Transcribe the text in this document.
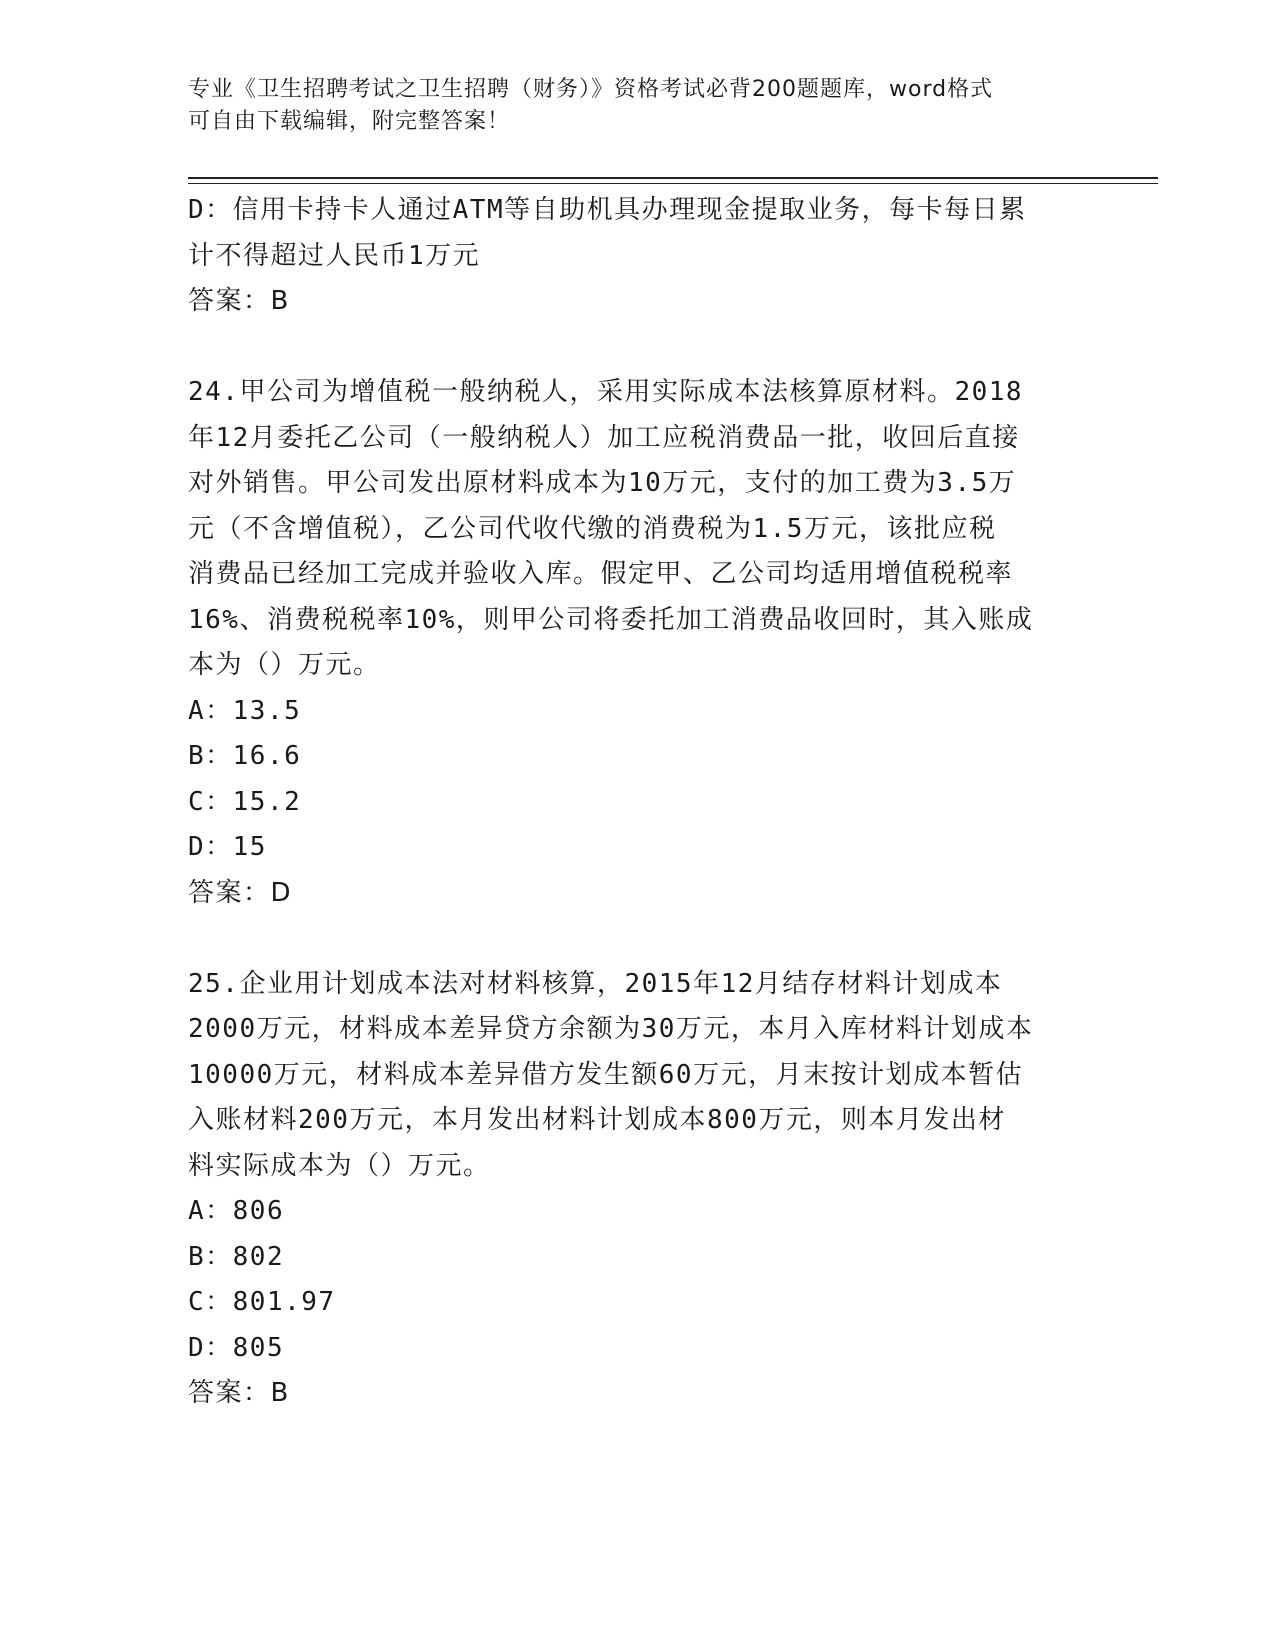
专业《卫生招聘考试之卫生招聘（财务）》资格考试必背200题题库，word格式
可自由下载编辑，附完整答案！
D：信用卡持卡人通过ATM等自助机具办理现金提取业务，每卡每日累
计不得超过人民币1万元
答案：B
24.甲公司为增值税一般纳税人，采用实际成本法核算原材料。2018
年12月委托乙公司（一般纳税人）加工应税消费品一批，收回后直接
对外销售。甲公司发出原材料成本为10万元，支付的加工费为3.5万
元（不含增值税），乙公司代收代缴的消费税为1.5万元，该批应税
消费品已经加工完成并验收入库。假定甲、乙公司均适用增值税税率
16%、消费税税率10%，则甲公司将委托加工消费品收回时，其入账成
本为（）万元。
A：13.5
B：16.6
C：15.2
D：15
答案：D
25.企业用计划成本法对材料核算，2015年12月结存材料计划成本
2000万元，材料成本差异贷方余额为30万元，本月入库材料计划成本
10000万元，材料成本差异借方发生额60万元，月末按计划成本暂估
入账材料200万元，本月发出材料计划成本800万元，则本月发出材
料实际成本为（）万元。
A：806
B：802
C：801.97
D：805
答案：B
